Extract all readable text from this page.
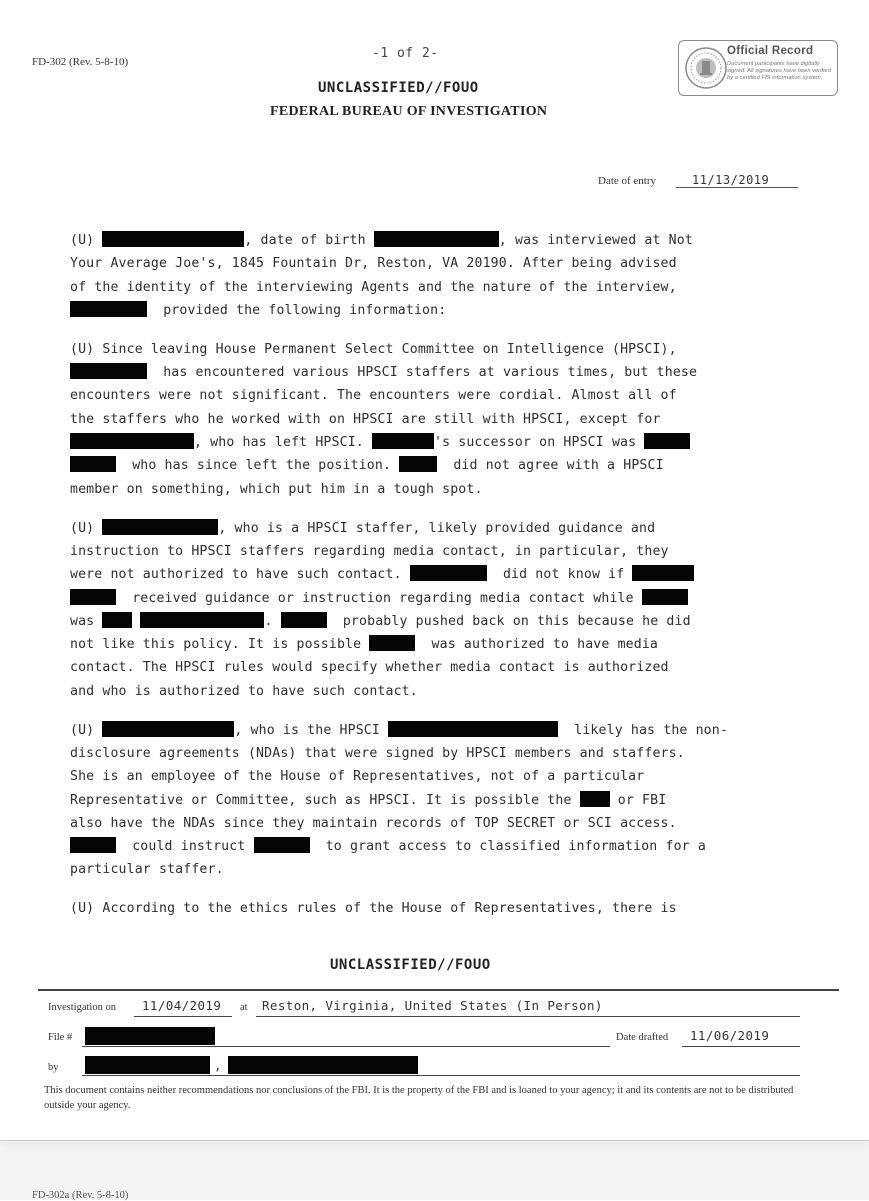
FD-302 (Rev. 5-8-10)
-1 of 2-
UNCLASSIFIED//FOUO
FEDERAL BUREAU OF INVESTIGATION
Official Record
Document participants have digitally signed. All signatures have been verified by a certified FBI information system.
Date of entry	11/13/2019
(U)	, date of birth	, was interviewed at Not
Your Average Joe's, 1845 Fountain Dr, Reston, VA 20190. After being advised
of the identity of the interviewing Agents and the nature of the interview,
provided the following information:
(U) Since leaving House Permanent Select Committee on Intelligence (HPSCI),
has encountered various HPSCI staffers at various times, but these
encounters were not significant. The encounters were cordial. Almost all of
the staffers who he worked with on HPSCI are still with HPSCI, except for
, who has left HPSCI.	's successor on HPSCI was
who has since left the position.	did not agree with a HPSCI
member on something, which put him in a tough spot.
(U)	, who is a HPSCI staffer, likely provided guidance and
instruction to HPSCI staffers regarding media contact, in particular, they
were not authorized to have such contact.	did not know if
received guidance or instruction regarding media contact while
was	.	probably pushed back on this because he did
not like this policy. It is possible	was authorized to have media
contact. The HPSCI rules would specify whether media contact is authorized
and who is authorized to have such contact.
(U)	, who is the HPSCI	likely has the non-
disclosure agreements (NDAs) that were signed by HPSCI members and staffers.
She is an employee of the House of Representatives, not of a particular
Representative or Committee, such as HPSCI. It is possible the	or FBI
also have the NDAs since they maintain records of TOP SECRET or SCI access.
could instruct	to grant access to classified information for a
particular staffer.
(U) According to the ethics rules of the House of Representatives, there is
UNCLASSIFIED//FOUO
Investigation on 11/04/2019 at Reston, Virginia, United States (In Person)
File #	Date drafted 11/06/2019
by	,
This document contains neither recommendations nor conclusions of the FBI. It is the property of the FBI and is loaned to your agency; it and its contents are not to be distributed outside your agency.
FD-302a (Rev. 5-8-10)
